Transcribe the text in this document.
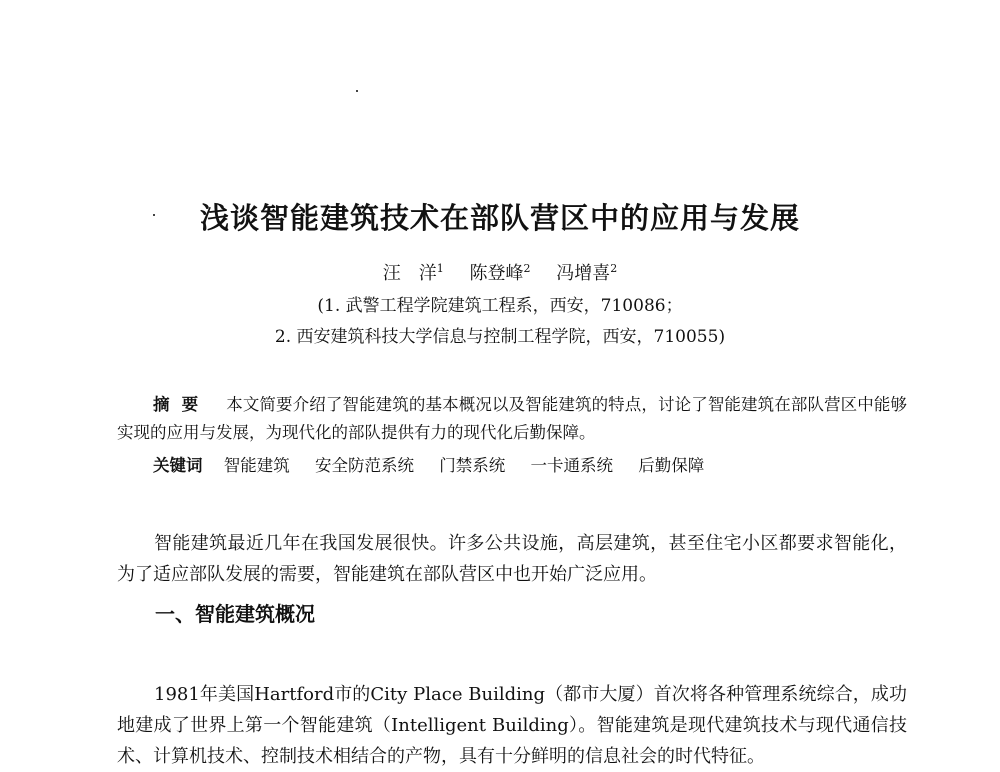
浅谈智能建筑技术在部队营区中的应用与发展
汪　洋$^1$ 陈登峰$^2$ 冯增喜$^2$
(1. 武警工程学院建筑工程系，西安，710086；
2. 西安建筑科技大学信息与控制工程学院，西安，710055)
摘要 本文简要介绍了智能建筑的基本概况以及智能建筑的特点，讨论了智能建筑在部队营区中能够实现的应用与发展，为现代化的部队提供有力的现代化后勤保障。
关键词 智能建筑 安全防范系统 门禁系统 一卡通系统 后勤保障

智能建筑最近几年在我国发展很快。许多公共设施，高层建筑，甚至住宅小区都要求智能化，为了适应部队发展的需要，智能建筑在部队营区中也开始广泛应用。

一、智能建筑概况

1981年美国Hartford市的City Place Building（都市大厦）首次将各种管理系统综合，成功地建成了世界上第一个智能建筑（Intelligent Building）。智能建筑是现代建筑技术与现代通信技术、计算机技术、控制技术相结合的产物，具有十分鲜明的信息社会的时代特征。
